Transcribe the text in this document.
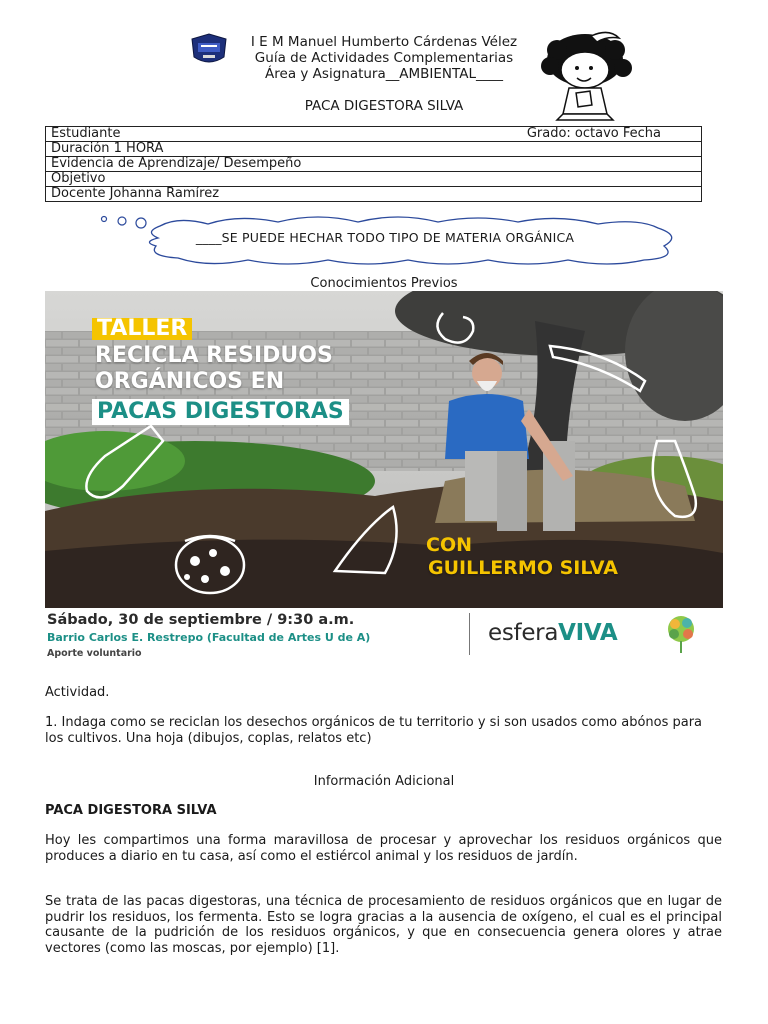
I E M Manuel Humberto Cárdenas Vélez
Guía de Actividades Complementarias
Área y Asignatura__AMBIENTAL____
PACA DIGESTORA SILVA
Estudiante	Grado: octavo Fecha

Duración 1 HORA
Evidencia de Aprendizaje/ Desempeño
Objetivo
Docente Johanna Ramírez
____SE PUEDE HECHAR TODO TIPO DE MATERIA ORGÁNICA
Conocimientos Previos
TALLER
RECICLA RESIDUOS
ORGÁNICOS EN
PACAS DIGESTORAS
CON
GUILLERMO SILVA
Sábado, 30 de septiembre / 9:30 a.m.
Barrio Carlos E. Restrepo (Facultad de Artes U de A)
Aporte voluntario
esferaVIVA
Actividad.
1. Indaga como se reciclan los desechos orgánicos de tu territorio y si son usados como abónos para los cultivos. Una hoja (dibujos, coplas, relatos etc)
Información Adicional
PACA DIGESTORA SILVA
Hoy les compartimos una forma maravillosa de procesar y aprovechar los residuos orgánicos que produces a diario en tu casa, así como el estiércol animal y los residuos de jardín.
Se trata de las pacas digestoras, una técnica de procesamiento de residuos orgánicos que en lugar de pudrir los residuos, los fermenta. Esto se logra gracias a la ausencia de oxígeno, el cual es el principal causante de la pudrición de los residuos orgánicos, y que en consecuencia genera olores y atrae vectores (como las moscas, por ejemplo) [1].
